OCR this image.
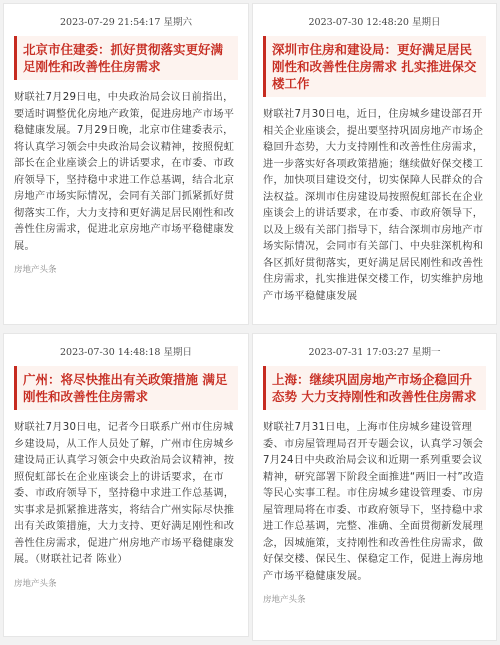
2023-07-29 21:54:17 星期六
北京市住建委：抓好贯彻落实更好满足刚性和改善性住房需求
财联社7月29日电，中央政治局会议日前指出，要适时调整优化房地产政策，促进房地产市场平稳健康发展。7月29日晚，北京市住建委表示，将认真学习领会中央政治局会议精神，按照倪虹部长在企业座谈会上的讲话要求，在市委、市政府领导下，坚持稳中求进工作总基调，结合北京房地产市场实际情况，会同有关部门抓紧抓好贯彻落实工作，大力支持和更好满足居民刚性和改善性住房需求，促进北京房地产市场平稳健康发展。
房地产头条
2023-07-30 12:48:20 星期日
深圳市住房和建设局：更好满足居民刚性和改善性住房需求 扎实推进保交楼工作
财联社7月30日电，近日，住房城乡建设部召开相关企业座谈会，提出要坚持巩固房地产市场企稳回升态势，大力支持刚性和改善性住房需求，进一步落实好各项政策措施；继续做好保交楼工作，加快项目建设交付，切实保障人民群众的合法权益。深圳市住房建设局按照倪虹部长在企业座谈会上的讲话要求，在市委、市政府领导下，以及上级有关部门指导下，结合深圳市房地产市场实际情况，会同市有关部门、中央驻深机构和各区抓好贯彻落实，更好满足居民刚性和改善性住房需求，扎实推进保交楼工作，切实维护房地产市场平稳健康发展
2023-07-30 14:48:18 星期日
广州：将尽快推出有关政策措施 满足刚性和改善性住房需求
财联社7月30日电，记者今日联系广州市住房城乡建设局，从工作人员处了解，广州市住房城乡建设局正认真学习领会中央政治局会议精神，按照倪虹部长在企业座谈会上的讲话要求，在市委、市政府领导下，坚持稳中求进工作总基调，实事求是抓紧推进落实，将结合广州实际尽快推出有关政策措施，大力支持、更好满足刚性和改善性住房需求，促进广州房地产市场平稳健康发展。（财联社记者 陈业）
房地产头条
2023-07-31 17:03:27 星期一
上海：继续巩固房地产市场企稳回升态势 大力支持刚性和改善性住房需求
财联社7月31日电，上海市住房城乡建设管理委、市房屋管理局召开专题会议，认真学习领会7月24日中央政治局会议和近期一系列重要会议精神，研究部署下阶段全面推进“两旧一村”改造等民心实事工程。市住房城乡建设管理委、市房屋管理局将在市委、市政府领导下，坚持稳中求进工作总基调，完整、准确、全面贯彻新发展理念，因城施策，支持刚性和改善性住房需求，做好保交楼、保民生、保稳定工作，促进上海房地产市场平稳健康发展。
房地产头条
